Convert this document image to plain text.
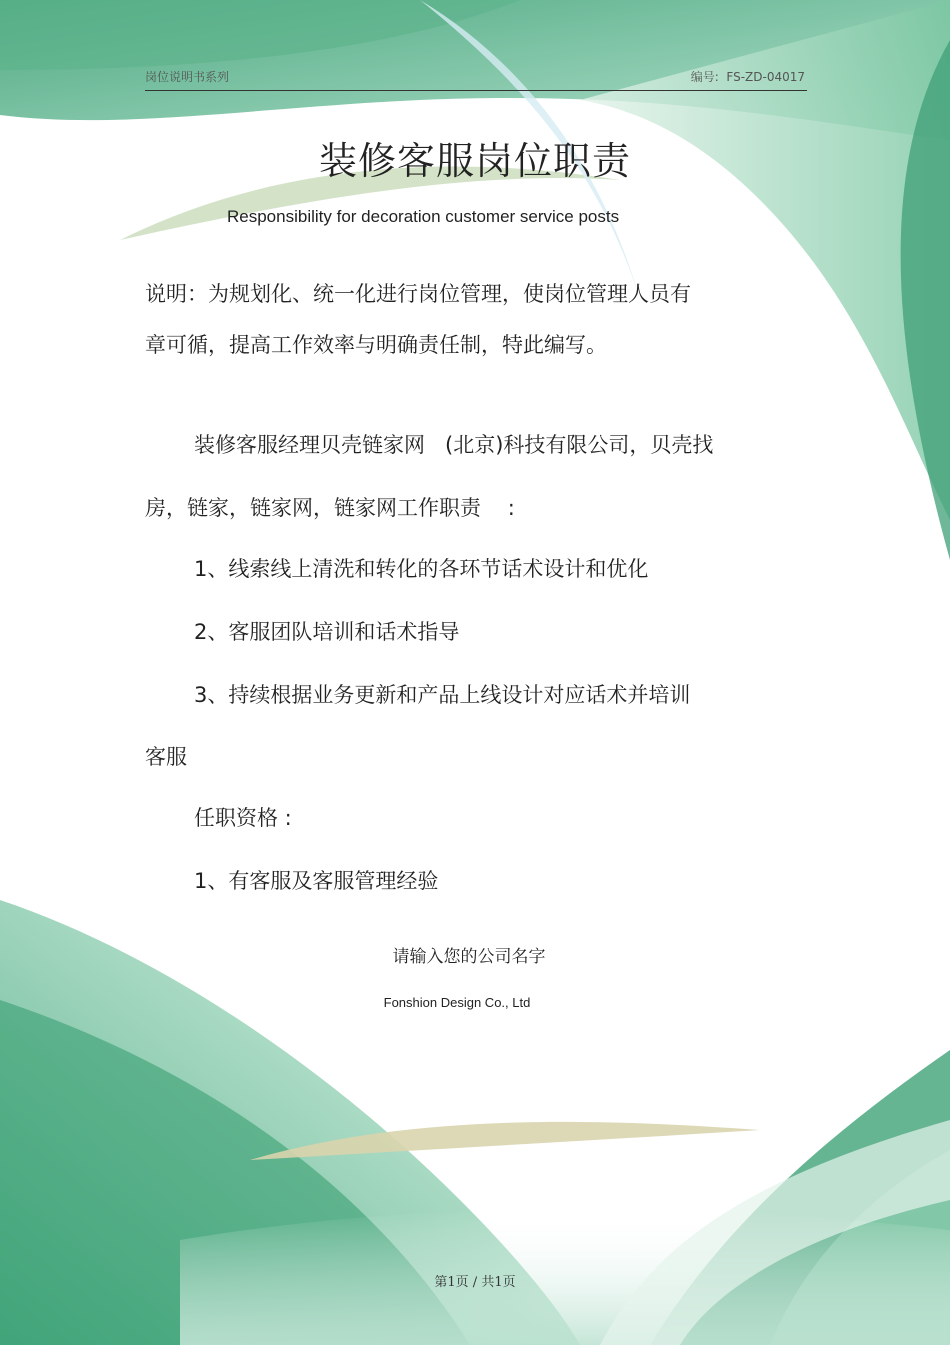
岗位说明书系列	编号:  FS-ZD-04017
装修客服岗位职责
Responsibility for decoration customer service posts
说明：为规划化、统一化进行岗位管理，使岗位管理人员有
章可循，提高工作效率与明确责任制，特此编写。
装修客服经理贝壳链家网   (北京)科技有限公司，贝壳找
房，链家，链家网，链家网工作职责    :
1、线索线上清洗和转化的各环节话术设计和优化
2、客服团队培训和话术指导
3、持续根据业务更新和产品上线设计对应话术并培训
客服
任职资格 :
1、有客服及客服管理经验
请输入您的公司名字
Fonshion Design Co., Ltd
第1页 / 共1页
